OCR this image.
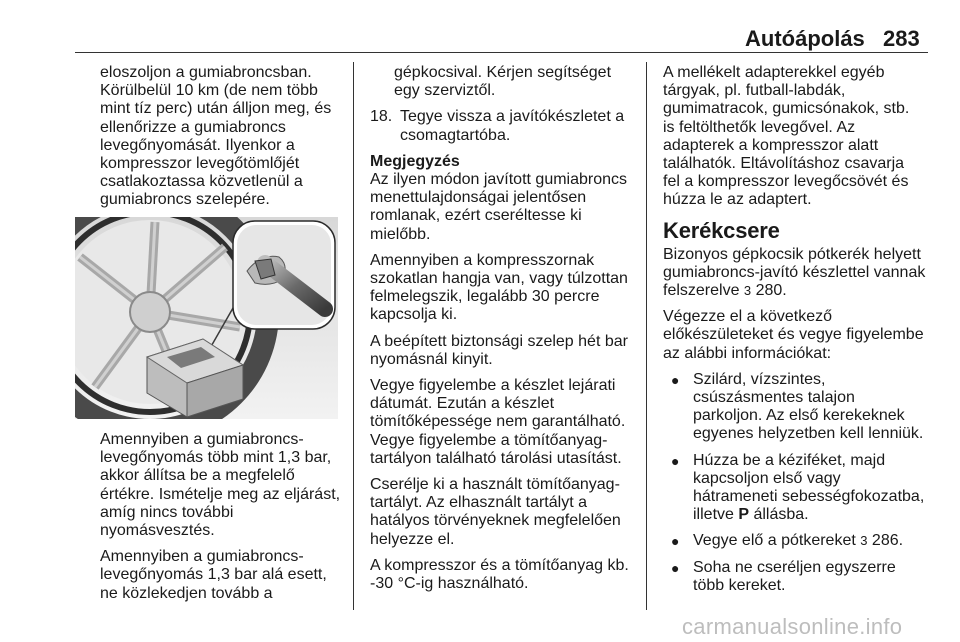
Autóápolás 283

eloszoljon a gumiabroncsban.
Körülbelül 10 km (de nem több
mint tíz perc) után álljon meg, és
ellenőrizze a gumiabroncs
levegőnyomását. Ilyenkor a
kompresszor levegőtömlőjét
csatlakoztassa közvetlenül a
gumiabroncs szelepére.

Amennyiben a gumiabroncs-
levegőnyomás több mint 1,3 bar,
akkor állítsa be a megfelelő
értékre. Ismételje meg az eljárást,
amíg nincs további
nyomásvesztés.

Amennyiben a gumiabroncs-
levegőnyomás 1,3 bar alá esett,
ne közlekedjen tovább a

gépkocsival. Kérjen segítséget
egy szerviztől.

18. Tegye vissza a javítókészletet a
csomagtartóba.
Megjegyzés
Az ilyen módon javított gumiabroncs
menettulajdonságai jelentősen
romlanak, ezért cseréltesse ki
mielőbb.

Amennyiben a kompresszornak
szokatlan hangja van, vagy túlzottan
felmelegszik, legalább 30 percre
kapcsolja ki.

A beépített biztonsági szelep hét bar
nyomásnál kinyit.

Vegye figyelembe a készlet lejárati
dátumát. Ezután a készlet
tömítőképessége nem garantálható.
Vegye figyelembe a tömítőanyag-
tartályon található tárolási utasítást.

Cserélje ki a használt tömítőanyag-
tartályt. Az elhasznált tartályt a
hatályos törvényeknek megfelelően
helyezze el.

A kompresszor és a tömítőanyag kb.
-30 °C-ig használható.

A mellékelt adapterekkel egyéb
tárgyak, pl. futball-labdák,
gumimatracok, gumicsónakok, stb.
is feltölthetők levegővel. Az
adapterek a kompresszor alatt
találhatók. Eltávolításhoz csavarja
fel a kompresszor levegőcsövét és
húzza le az adaptert.

Kerékcsere

Bizonyos gépkocsik pótkerék helyett
gumiabroncs-javító készlettel vannak
felszerelve 3 280.

Végezze el a következő
előkészületeket és vegye figyelembe
az alábbi információkat:

● Szilárd, vízszintes,
csúszásmentes talajon
parkoljon. Az első kerekeknek
egyenes helyzetben kell lenniük.
● Húzza be a kéziféket, majd
kapcsoljon első vagy
hátrameneti sebességfokozatba,
illetve P állásba.
● Vegye elő a pótkereket 3 286.
● Soha ne cseréljen egyszerre
több kereket.
carmanualsonline.info
